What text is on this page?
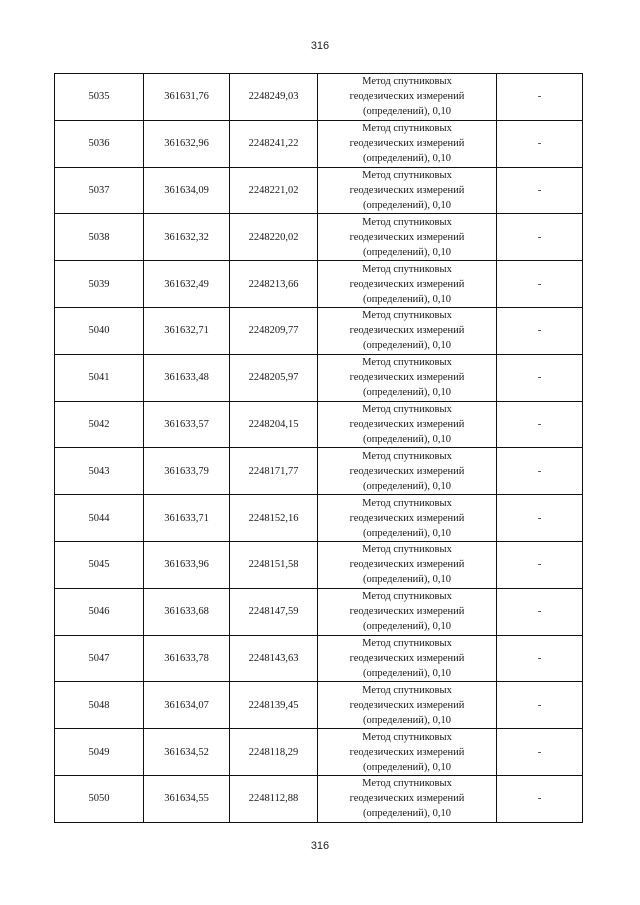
316
5035	361631,76	2248249,03	Метод спутниковых
геодезических измерений
(определений), 0,10	-
5036	361632,96	2248241,22	Метод спутниковых
геодезических измерений
(определений), 0,10	-
5037	361634,09	2248221,02	Метод спутниковых
геодезических измерений
(определений), 0,10	-
5038	361632,32	2248220,02	Метод спутниковых
геодезических измерений
(определений), 0,10	-
5039	361632,49	2248213,66	Метод спутниковых
геодезических измерений
(определений), 0,10	-
5040	361632,71	2248209,77	Метод спутниковых
геодезических измерений
(определений), 0,10	-
5041	361633,48	2248205,97	Метод спутниковых
геодезических измерений
(определений), 0,10	-
5042	361633,57	2248204,15	Метод спутниковых
геодезических измерений
(определений), 0,10	-
5043	361633,79	2248171,77	Метод спутниковых
геодезических измерений
(определений), 0,10	-
5044	361633,71	2248152,16	Метод спутниковых
геодезических измерений
(определений), 0,10	-
5045	361633,96	2248151,58	Метод спутниковых
геодезических измерений
(определений), 0,10	-
5046	361633,68	2248147,59	Метод спутниковых
геодезических измерений
(определений), 0,10	-
5047	361633,78	2248143,63	Метод спутниковых
геодезических измерений
(определений), 0,10	-
5048	361634,07	2248139,45	Метод спутниковых
геодезических измерений
(определений), 0,10	-
5049	361634,52	2248118,29	Метод спутниковых
геодезических измерений
(определений), 0,10	-
5050	361634,55	2248112,88	Метод спутниковых
геодезических измерений
(определений), 0,10	-
316
